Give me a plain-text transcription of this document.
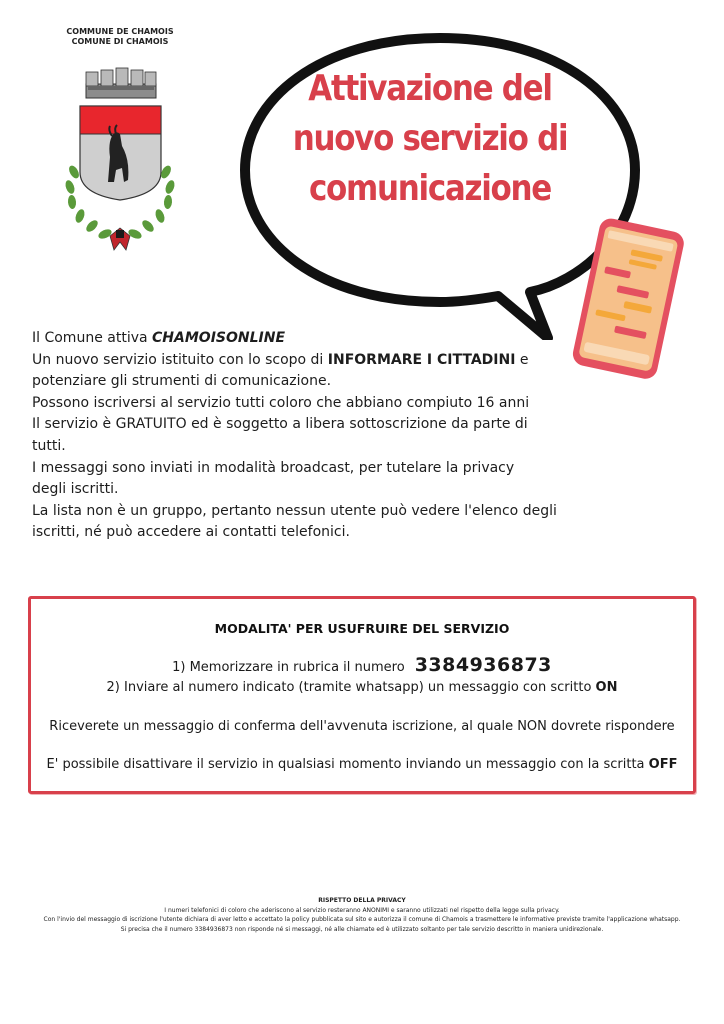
COMMUNE DE CHAMOIS
COMUNE DI CHAMOIS
Attivazione del
nuovo servizio di
comunicazione

Il Comune attiva CHAMOISONLINE

Un nuovo servizio istituito con lo scopo di INFORMARE I CITTADINI e potenziare gli strumenti di comunicazione.

Possono iscriversi al servizio tutti coloro che abbiano compiuto 16 anni

Il servizio è GRATUITO ed è soggetto a libera sottoscrizione da parte di tutti.

I messaggi sono inviati in modalità broadcast, per tutelare la privacy degli iscritti.

La lista non è un gruppo, pertanto nessun utente può vedere l'elenco degli iscritti, né può accedere ai contatti telefonici.

MODALITA' PER USUFRUIRE DEL SERVIZIO
1) Memorizzare in rubrica il numero 3384936873
2) Inviare al numero indicato (tramite whatsapp) un messaggio con scritto ON
Riceverete un messaggio di conferma dell'avvenuta iscrizione, al quale NON dovrete rispondere
E' possibile disattivare il servizio in qualsiasi momento inviando un messaggio con la scritta OFF
RISPETTO DELLA PRIVACY
I numeri telefonici di coloro che aderiscono al servizio resteranno ANONIMI e saranno utilizzati nel rispetto della legge sulla privacy.
Con l'invio del messaggio di iscrizione l'utente dichiara di aver letto e accettato la policy pubblicata sul sito e autorizza il comune di Chamois a trasmettere le informative previste tramite l'applicazione whatsapp.
Si precisa che il numero 3384936873 non risponde né si messaggi, né alle chiamate ed è utilizzato soltanto per tale servizio descritto in maniera unidirezionale.
